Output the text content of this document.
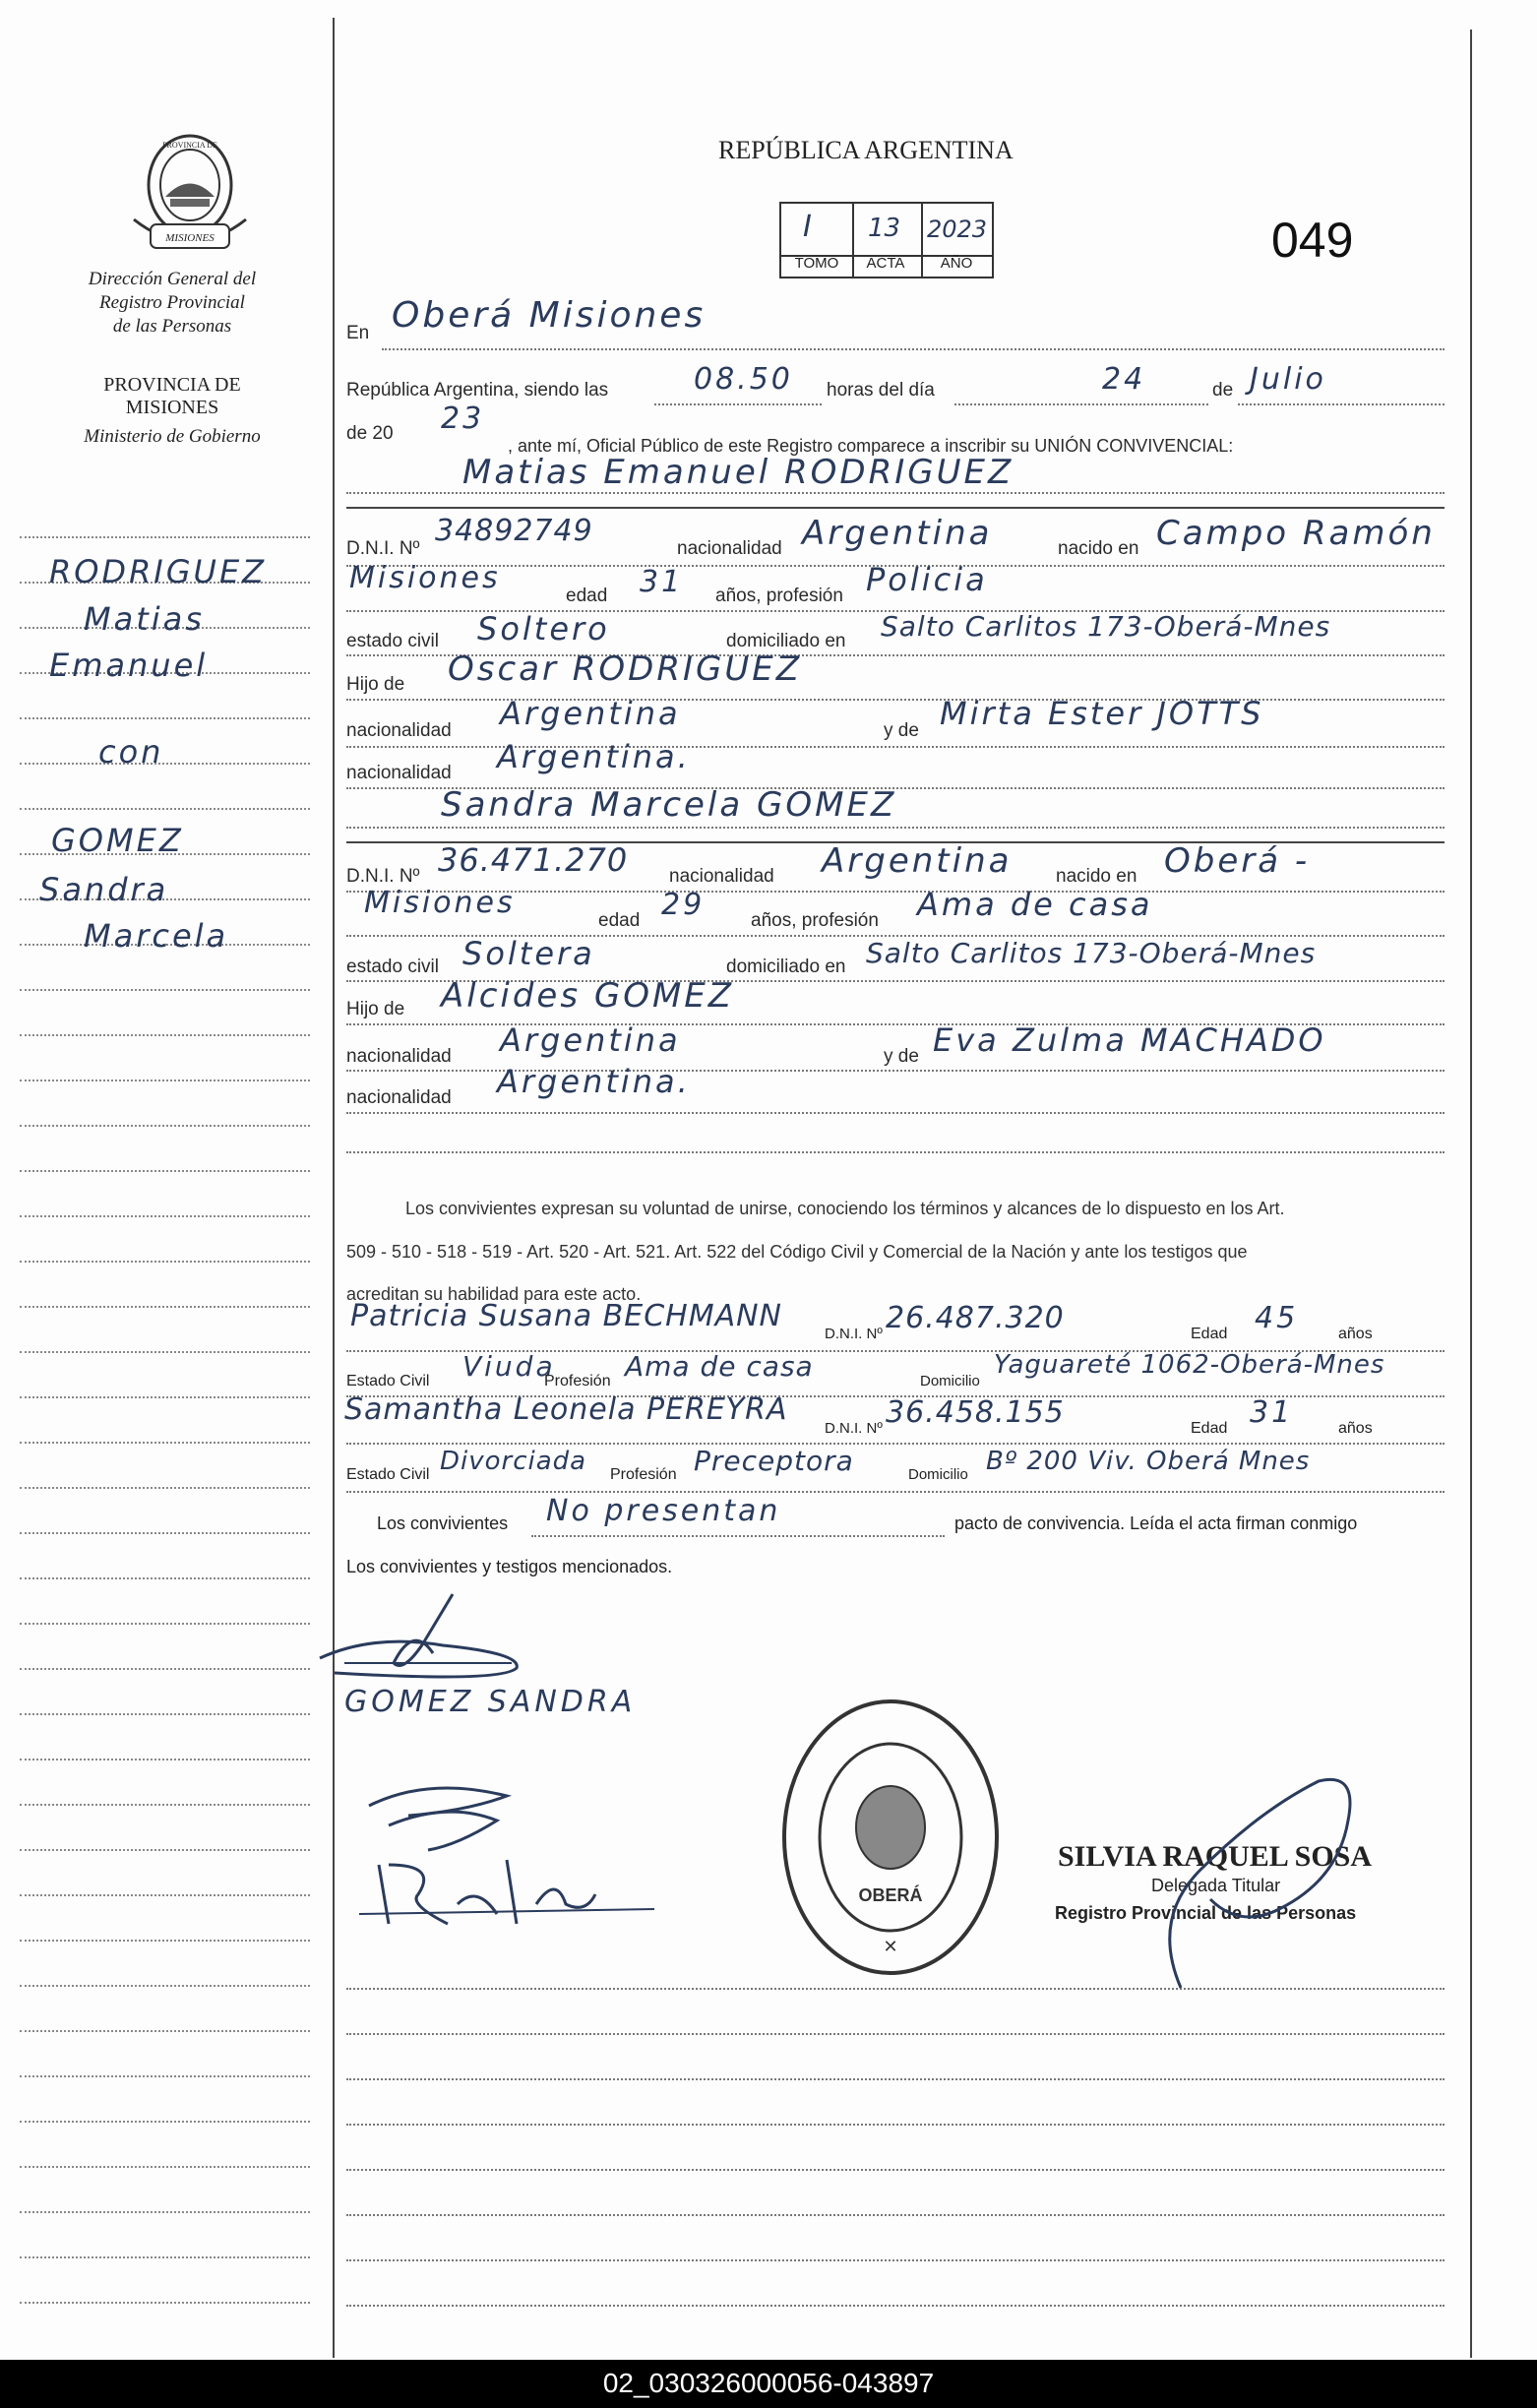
MISIONES
PROVINCIA DE
Dirección General del
Registro Provincial
de las Personas
PROVINCIA DE
MISIONES
Ministerio de Gobierno
RODRIGUEZ
Matias
Emanuel
con
GOMEZ
Sandra
Marcela
REPÚBLICA ARGENTINA
I 13 2023
TOMO	ACTA	AÑO	049
En Oberá Misiones
República Argentina, siendo las	08.50 horas del día	24	de Julio
de 20 23
, ante mí, Oficial Público de este Registro comparece a inscribir su UNIÓN CONVIVENCIAL:
Matias Emanuel RODRIGUEZ
D.N.I. Nº
34892749
nacionalidad Argentina	nacido en Campo Ramón
Misiones
edad 31 años, profesión Policia
estado civil Soltero	domiciliado en Salto Carlitos 173-Oberá-Mnes
Hijo de Oscar RODRIGUEZ
nacionalidad Argentina	y de Mirta Ester JOTTS
nacionalidad Argentina.
Sandra Marcela GOMEZ
D.N.I. Nº 36.471.270 nacionalidad Argentina nacido en Oberá -
Misiones
edad 29 años, profesión Ama de casa
estado civil Soltera	domiciliado en Salto Carlitos 173-Oberá-Mnes
Hijo de Alcides GOMEZ
nacionalidad Argentina	y de Eva Zulma MACHADO
nacionalidad Argentina.
Los convivientes expresan su voluntad de unirse, conociendo los términos y alcances de lo dispuesto en los Art.
509 - 510 - 518 - 519 - Art. 520 - Art. 521. Art. 522 del Código Civil y Comercial de la Nación y ante los testigos que
acreditan su habilidad para este acto.
Patricia Susana BECHMANN
D.N.I. Nº 26.487.320	Edad 45	años
Estado Civil Viuda
Profesión Ama de casa	Domicilio
Yaguareté 1062-Oberá-Mnes
Samantha Leonela PEREYRA
D.N.I. Nº 36.458.155	Edad 31	años
Estado Civil Divorciada Profesión Preceptora	Domicilio Bº 200 Viv. Oberá Mnes
Los convivientes No presentan	pacto de convivencia. Leída el acta firman conmigo
Los convivientes y testigos mencionados.
GOMEZ SANDRA
OBERÁ
✕
SILVIA RAQUEL SOSA
Delegada Titular
Registro Provincial de las Personas
02_030326000056-043897
